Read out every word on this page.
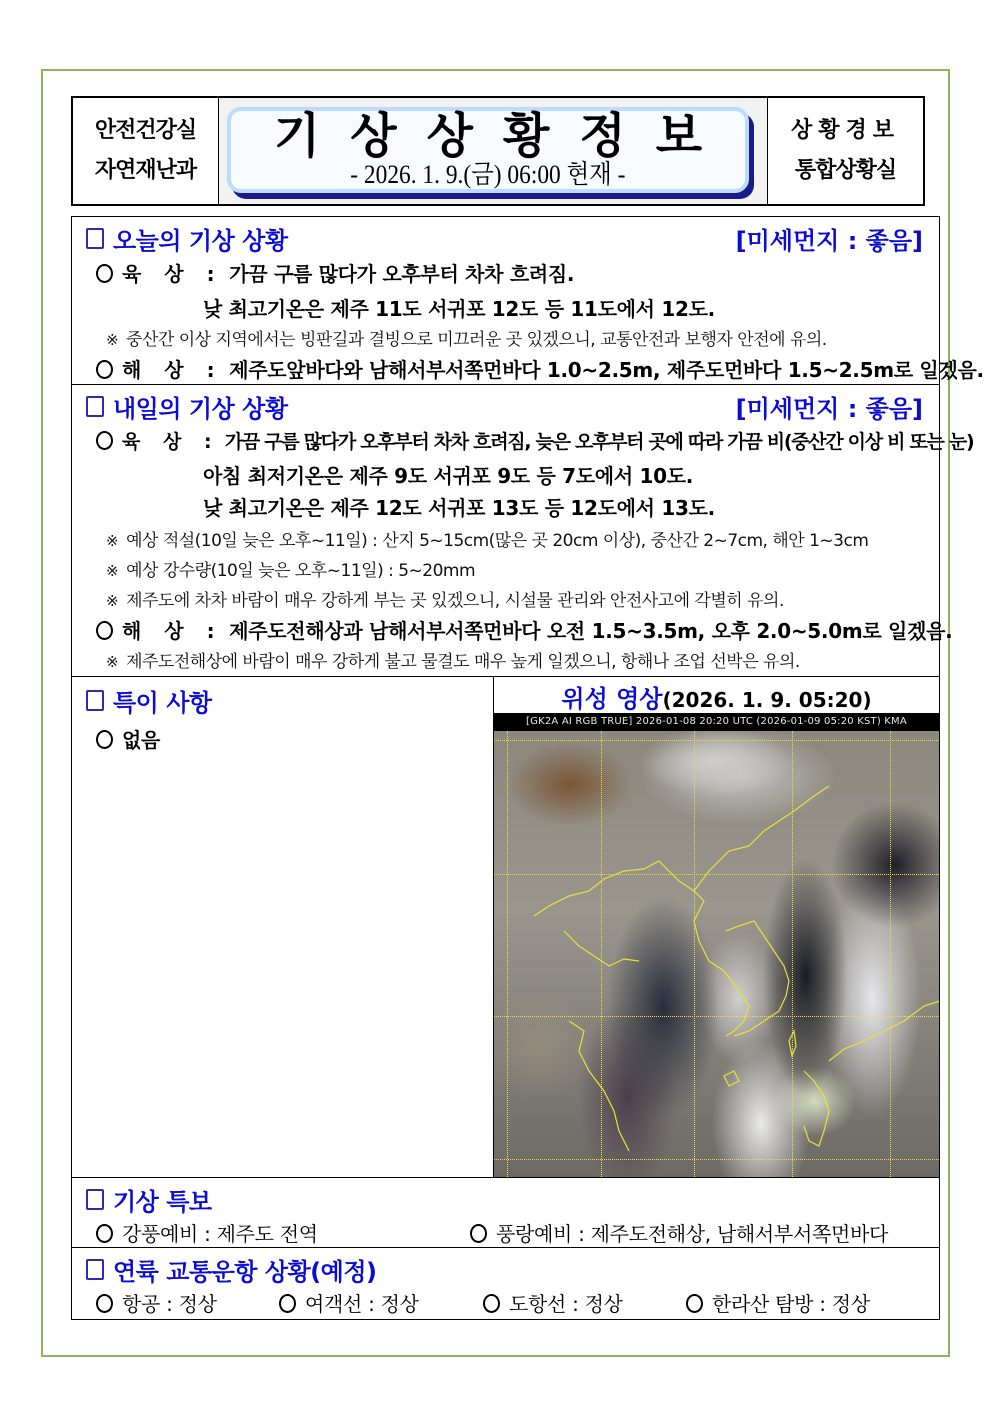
안전건강실
자연재난과
기상상황정보
- 2026. 1. 9.(금) 06:00 현재 -
상황경보
통합상황실
오늘의 기상 상황	[미세먼지 : 좋음]
육 상 : 가끔 구름 많다가 오후부터 차차 흐려짐.
낮 최고기온은 제주 11도 서귀포 12도 등 11도에서 12도.
※ 중산간 이상 지역에서는 빙판길과 결빙으로 미끄러운 곳 있겠으니, 교통안전과 보행자 안전에 유의.
해 상 : 제주도앞바다와 남해서부서쪽먼바다 1.0~2.5m, 제주도먼바다 1.5~2.5m로 일겠음.
내일의 기상 상황	[미세먼지 : 좋음]
육 상 : 가끔 구름 많다가 오후부터 차차 흐려짐, 늦은 오후부터 곳에 따라 가끔 비(중산간 이상 비 또는 눈)
아침 최저기온은 제주 9도 서귀포 9도 등 7도에서 10도.
낮 최고기온은 제주 12도 서귀포 13도 등 12도에서 13도.
※ 예상 적설(10일 늦은 오후~11일) : 산지 5~15cm(많은 곳 20cm 이상), 중산간 2~7cm, 해안 1~3cm
※ 예상 강수량(10일 늦은 오후~11일) : 5~20mm
※ 제주도에 차차 바람이 매우 강하게 부는 곳 있겠으니, 시설물 관리와 안전사고에 각별히 유의.
해 상 : 제주도전해상과 남해서부서쪽먼바다 오전 1.5~3.5m, 오후 2.0~5.0m로 일겠음.
※ 제주도전해상에 바람이 매우 강하게 불고 물결도 매우 높게 일겠으니, 항해나 조업 선박은 유의.
특이 사항
없음
위성 영상(2026. 1. 9. 05:20)
[GK2A AI RGB TRUE] 2026-01-08 20:20 UTC (2026-01-09 05:20 KST) KMA
기상 특보
강풍예비 : 제주도 전역	풍랑예비 : 제주도전해상, 남해서부서쪽먼바다
연륙 교통운항 상황(예정)
항공 : 정상	여객선 : 정상	도항선 : 정상	한라산 탐방 : 정상
